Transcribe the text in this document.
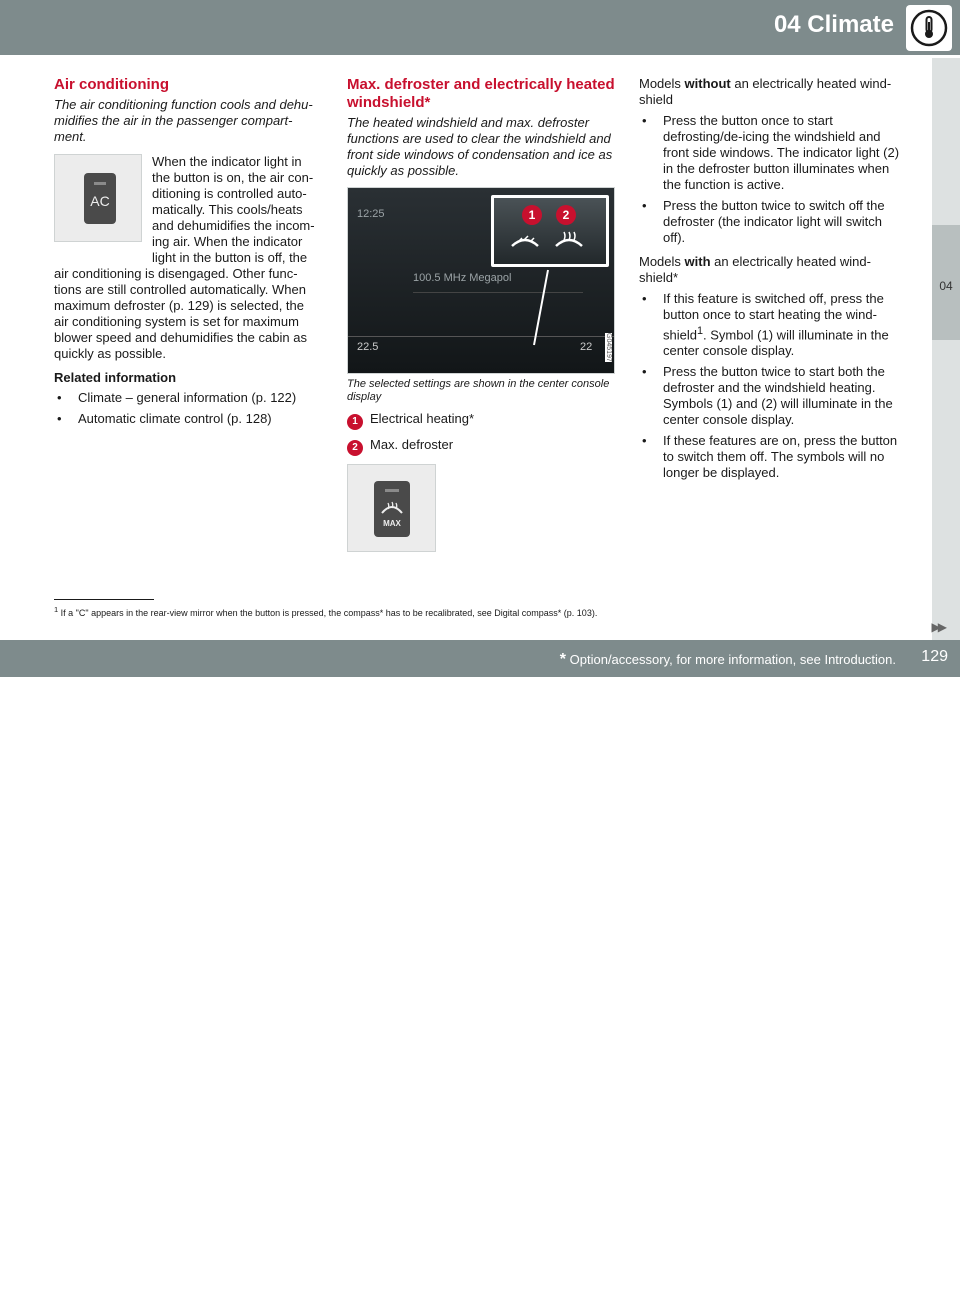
04 Climate
04
Air conditioning

The air conditioning function cools and dehu-midifies the air in the passenger compart-ment.

AC
When the indicator light in the button is on, the air con-ditioning is controlled auto-matically. This cools/heats and dehumidifies the incom-ing air. When the indicator light in the button is off, the

air conditioning is disengaged. Other func-tions are still controlled automatically. When maximum defroster (p. 129) is selected, the air conditioning system is set for maximum blower speed and dehumidifies the cabin as quickly as possible.

Related information
• Climate – general information (p. 122)
• Automatic climate control (p. 128)
Max. defroster and electrically heated windshield*

The heated windshield and max. defroster functions are used to clear the windshield and front side windows of condensation and ice as quickly as possible.

12:25
100.5 MHz Megapol
22.5	22
1	2
G045197

The selected settings are shown in the center console display

1 Electrical heating*
2 Max. defroster
MAX

Models without an electrically heated wind-shield

• Press the button once to start defrosting/de-icing the windshield and front side windows. The indicator light (2) in the defroster button illuminates when the function is active.
• Press the button twice to switch off the defroster (the indicator light will switch off).

Models with an electrically heated wind-shield*

• If this feature is switched off, press the button once to start heating the wind-shield$^1$. Symbol (1) will illuminate in the center console display.
• Press the button twice to start both the defroster and the windshield heating. Symbols (1) and (2) will illuminate in the center console display.
• If these features are on, press the button to switch them off. The symbols will no longer be displayed.

$^1$ If a "C" appears in the rear-view mirror when the button is pressed, the compass* has to be recalibrated, see Digital compass* (p. 103).

▶▶
* Option/accessory, for more information, see Introduction.
carmanualsonline.info
129
